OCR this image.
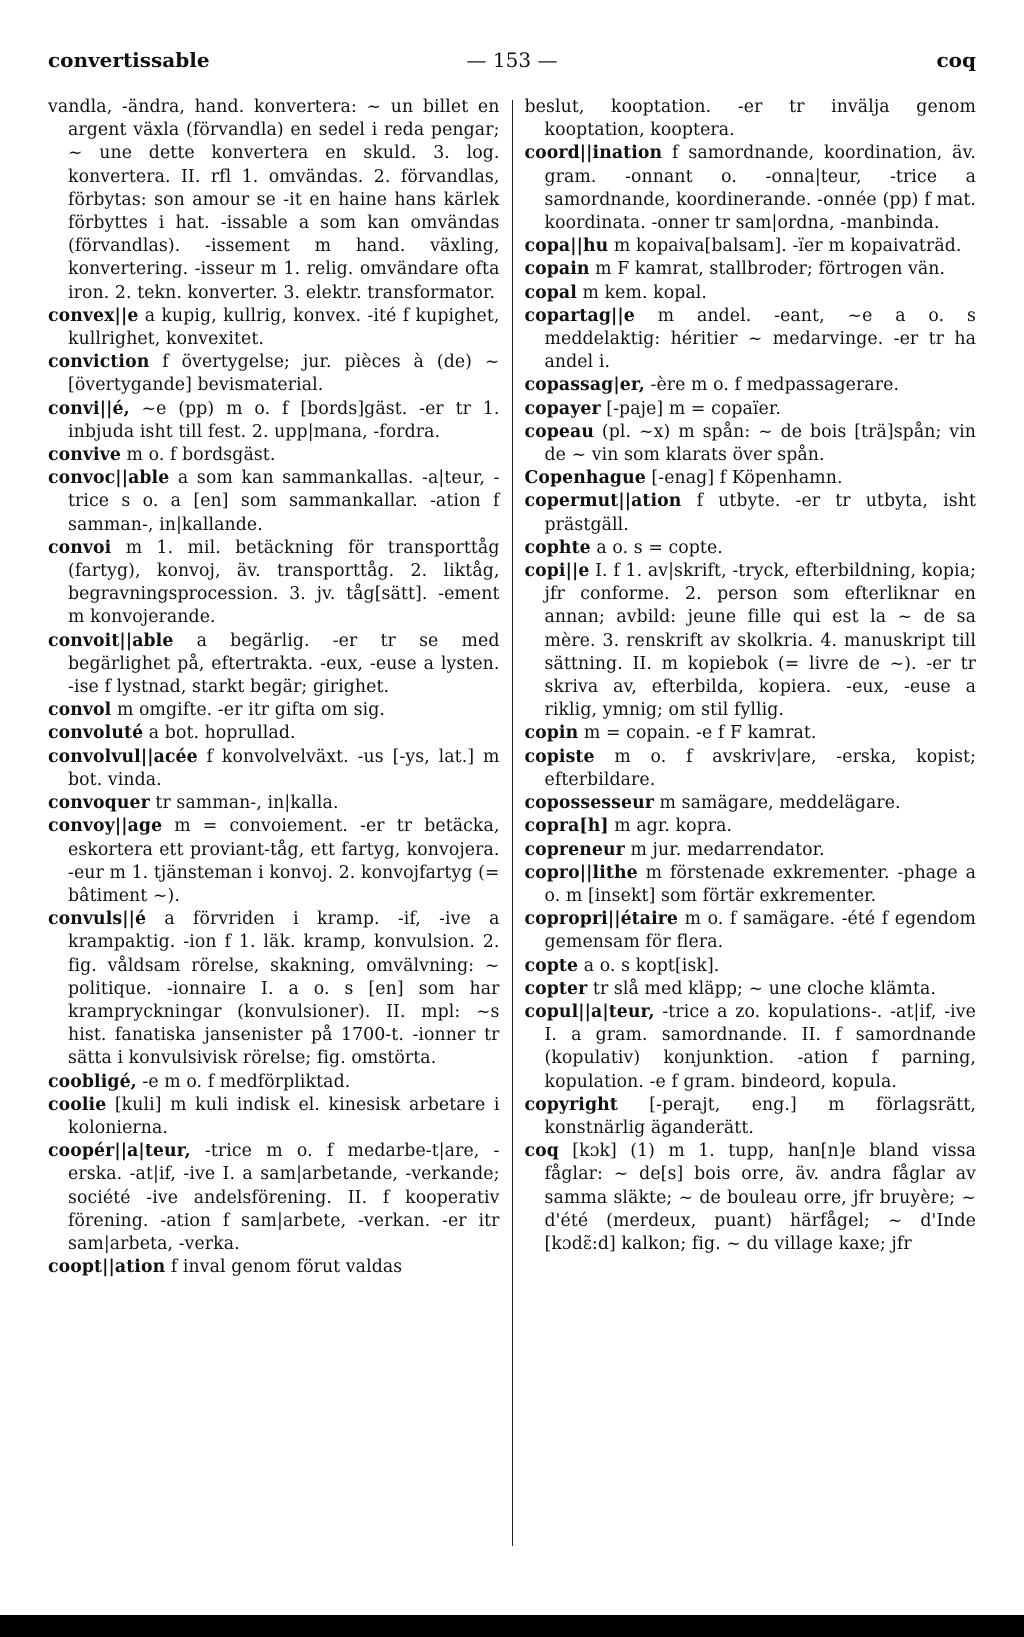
convertissable	— 153 —	coq

vandla, -ändra, hand. konvertera: ~ un billet en argent växla (förvandla) en sedel i reda pengar; ~ une dette konvertera en skuld. 3. log. konvertera. II. rfl 1. omvändas. 2. förvandlas, förbytas: son amour se -it en haine hans kärlek förbyttes i hat. -issable a som kan omvändas (förvandlas). -issement m hand. växling, konvertering. -isseur m 1. relig. omvändare ofta iron. 2. tekn. konverter. 3. elektr. transformator.

convex||e a kupig, kullrig, konvex. -ité f kupighet, kullrighet, konvexitet.

conviction f övertygelse; jur. pièces à (de) ~ [övertygande] bevismaterial.

convi||é, ~e (pp) m o. f [bords]gäst. -er tr 1. inbjuda isht till fest. 2. upp|mana, -fordra.

convive m o. f bordsgäst.

convoc||able a som kan sammankallas. -a|teur, -trice s o. a [en] som sammankallar. -ation f samman-, in|kallande.

convoi m 1. mil. betäckning för transporttåg (fartyg), konvoj, äv. transporttåg. 2. liktåg, begravningsprocession. 3. jv. tåg[sätt]. -ement m konvojerande.

convoit||able a begärlig. -er tr se med begärlighet på, eftertrakta. -eux, -euse a lysten. -ise f lystnad, starkt begär; girighet.

convol m omgifte. -er itr gifta om sig.

convoluté a bot. hoprullad.

convolvul||acée f konvolvelväxt. -us [-ys, lat.] m bot. vinda.

convoquer tr samman-, in|kalla.

convoy||age m = convoiement. -er tr betäcka, eskortera ett proviant-tåg, ett fartyg, konvojera. -eur m 1. tjänsteman i konvoj. 2. konvojfartyg (= bâtiment ~).

convuls||é a förvriden i kramp. -if, -ive a krampaktig. -ion f 1. läk. kramp, konvulsion. 2. fig. våldsam rörelse, skakning, omvälvning: ~ politique. -ionnaire I. a o. s [en] som har krampryckningar (konvulsioner). II. mpl: ~s hist. fanatiska jansenister på 1700-t. -ionner tr sätta i konvulsivisk rörelse; fig. omstörta.

coobligé, -e m o. f medförpliktad.

coolie [kuli] m kuli indisk el. kinesisk arbetare i kolonierna.

coopér||a|teur, -trice m o. f medarbe-t|are, -erska. -at|if, -ive I. a sam|arbetande, -verkande; société -ive andelsförening. II. f kooperativ förening. -ation f sam|arbete, -verkan. -er itr sam|arbeta, -verka.

coopt||ation f inval genom förut valdas

beslut, kooptation. -er tr invälja genom kooptation, kooptera.

coord||ination f samordnande, koordination, äv. gram. -onnant o. -onna|teur, -trice a samordnande, koordinerande. -onnée (pp) f mat. koordinata. -onner tr sam|ordna, -manbinda.

copa||hu m kopaiva[balsam]. -ïer m kopaivaträd.

copain m F kamrat, stallbroder; förtrogen vän.

copal m kem. kopal.

copartag||e m andel. -eant, ~e a o. s meddelaktig: héritier ~ medarvinge. -er tr ha andel i.

copassag|er, -ère m o. f medpassagerare.

copayer [-paje] m = copaïer.

copeau (pl. ~x) m spån: ~ de bois [trä]spån; vin de ~ vin som klarats över spån.

Copenhague [-enag] f Köpenhamn.

copermut||ation f utbyte. -er tr utbyta, isht prästgäll.

cophte a o. s = copte.

copi||e I. f 1. av|skrift, -tryck, efterbildning, kopia; jfr conforme. 2. person som efterliknar en annan; avbild: jeune fille qui est la ~ de sa mère. 3. renskrift av skolkria. 4. manuskript till sättning. II. m kopiebok (= livre de ~). -er tr skriva av, efterbilda, kopiera. -eux, -euse a riklig, ymnig; om stil fyllig.

copin m = copain. -e f F kamrat.

copiste m o. f avskriv|are, -erska, kopist; efterbildare.

copossesseur m samägare, meddelägare.

copra[h] m agr. kopra.

copreneur m jur. medarrendator.

copro||lithe m förstenade exkrementer. -phage a o. m [insekt] som förtär exkrementer.

copropri||étaire m o. f samägare. -été f egendom gemensam för flera.

copte a o. s kopt[isk].

copter tr slå med kläpp; ~ une cloche klämta.

copul||a|teur, -trice a zo. kopulations-. -at|if, -ive I. a gram. samordnande. II. f samordnande (kopulativ) konjunktion. -ation f parning, kopulation. -e f gram. bindeord, kopula.

copyright [-perajt, eng.] m förlagsrätt, konstnärlig äganderätt.

coq [kɔk] (1) m 1. tupp, han[n]e bland vissa fåglar: ~ de[s] bois orre, äv. andra fåglar av samma släkte; ~ de bouleau orre, jfr bruyère; ~ d'été (merdeux, puant) härfågel; ~ d'Inde [kɔdɛ̃:d] kalkon; fig. ~ du village kaxe; jfr
